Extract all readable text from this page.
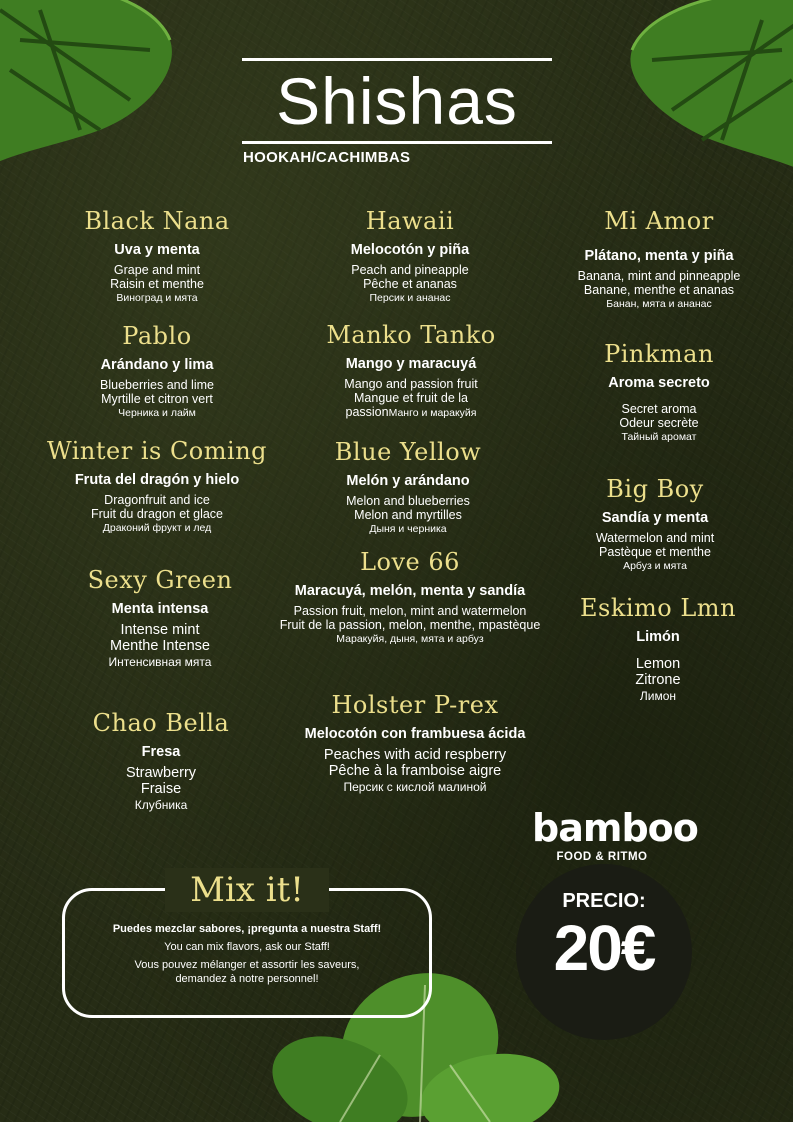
Shishas
HOOKAH/CACHIMBAS
Black Nana
Uva y menta
Grape and mint
Raisin et menthe
Виноград и мята
Pablo
Arándano y lima
Blueberries and lime
Myrtille et citron vert
Черника и лайм
Winter is Coming
Fruta del dragón y hielo
Dragonfruit and ice
Fruit du dragon et glace
Драконий фрукт и лед
Sexy Green
Menta intensa
Intense mint
Menthe Intense
Интенсивная мята
Chao Bella
Fresa
Strawberry
Fraise
Клубника
Hawaii
Melocotón y piña
Peach and pineapple
Pêche et ananas
Персик и ананас
Manko Tanko
Mango y maracuyá
Mango and passion fruit
Mangue et fruit de la
passionМанго и маракуйя
Blue Yellow
Melón y arándano
Melon and blueberries
Melon and myrtilles
Дыня и черника
Love 66
Maracuyá, melón, menta y sandía
Passion fruit, melon, mint and watermelon
Fruit de la passion, melon, menthe, mpastèque
Маракуйя, дыня, мята и арбуз
Holster P-rex
Melocotón con frambuesa ácida
Peaches with acid respberry
Pêche à la framboise aigre
Персик с кислой малиной
Mi Amor
Plátano, menta y piña
Banana, mint and pinneapple
Banane, menthe et ananas
Банан, мята и ананас
Pinkman
Aroma secreto
Secret aroma
Odeur secrète
Тайный аромат
Big Boy
Sandía y menta
Watermelon and mint
Pastèque et menthe
Арбуз и мята
Eskimo Lmn
Limón
Lemon
Zitrone
Лимон
Mix it!
Puedes mezclar sabores, ¡pregunta a nuestra Staff!
You can mix flavors, ask our Staff!
Vous pouvez mélanger et assortir les saveurs,
demandez à notre personnel!
PRECIO:
20€
bamboo
FOOD & RITMO
